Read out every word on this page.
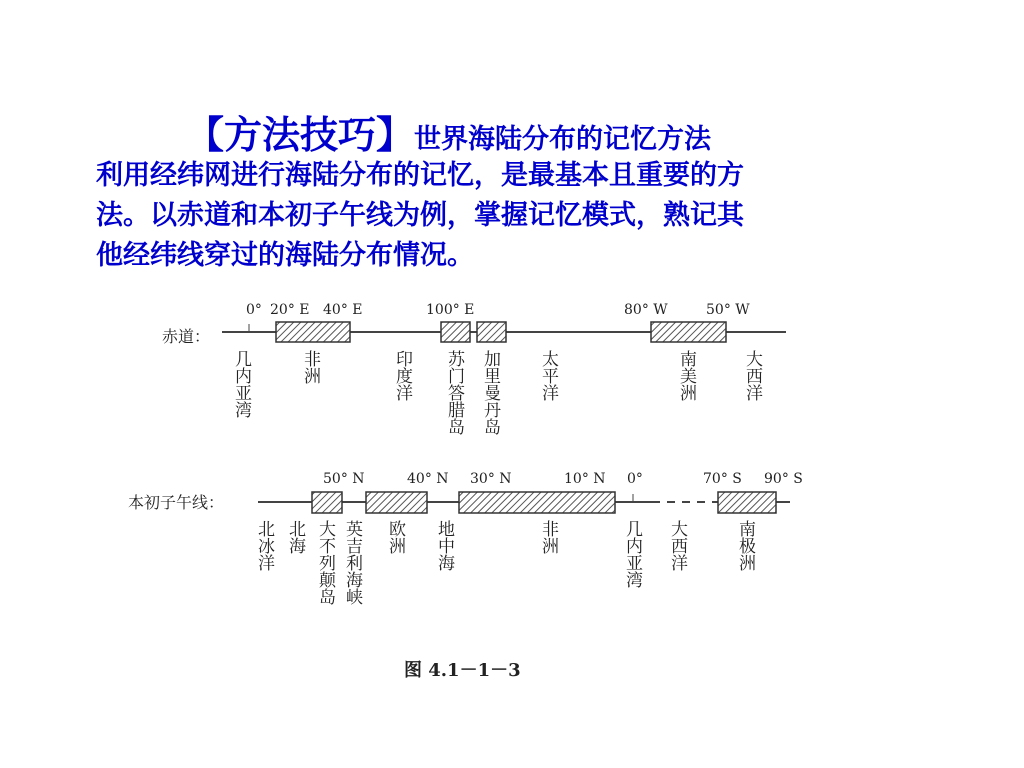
【方法技巧】世界海陆分布的记忆方法
利用经纬网进行海陆分布的记忆，是最基本且重要的方
法。以赤道和本初子午线为例，掌握记忆模式，熟记其
他经纬线穿过的海陆分布情况。
赤道：
0° 20° E 40° E	100° E	80° W	50° W
几内亚湾	非洲	印度洋 苏门答腊岛 加里曼丹岛 太平洋	南美洲	大西洋
本初子午线：
50° N	40° N 30° N	10° N 0°	70° S 90° S
北冰洋 北海 大不列颠岛 英吉利海峡 欧洲 地中海	非洲	几内亚湾 大西洋	南极洲
图 4.1－1－3
